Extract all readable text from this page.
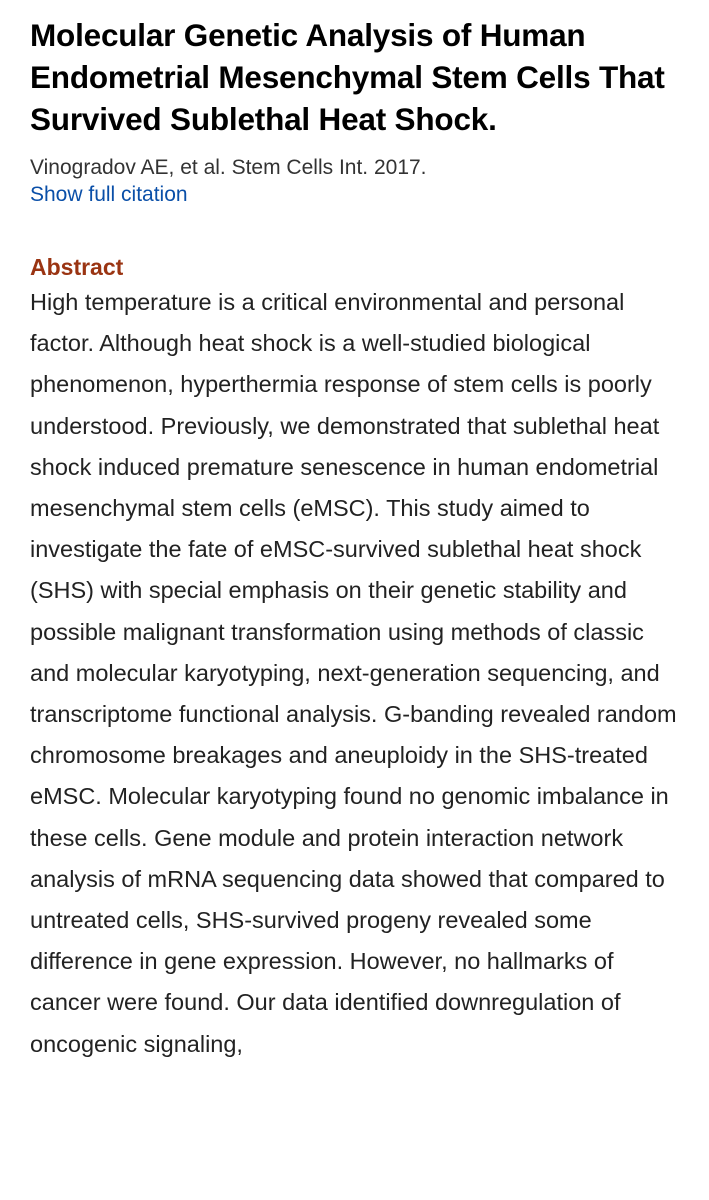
Molecular Genetic Analysis of Human Endometrial Mesenchymal Stem Cells That Survived Sublethal Heat Shock.
Vinogradov AE, et al. Stem Cells Int. 2017.
Show full citation
Abstract

High temperature is a critical environmental and personal factor. Although heat shock is a well-studied biological phenomenon, hyperthermia response of stem cells is poorly understood. Previously, we demonstrated that sublethal heat shock induced premature senescence in human endometrial mesenchymal stem cells (eMSC). This study aimed to investigate the fate of eMSC-survived sublethal heat shock (SHS) with special emphasis on their genetic stability and possible malignant transformation using methods of classic and molecular karyotyping, next-generation sequencing, and transcriptome functional analysis. G-banding revealed random chromosome breakages and aneuploidy in the SHS-treated eMSC. Molecular karyotyping found no genomic imbalance in these cells. Gene module and protein interaction network analysis of mRNA sequencing data showed that compared to untreated cells, SHS-survived progeny revealed some difference in gene expression. However, no hallmarks of cancer were found. Our data identified downregulation of oncogenic signaling,
